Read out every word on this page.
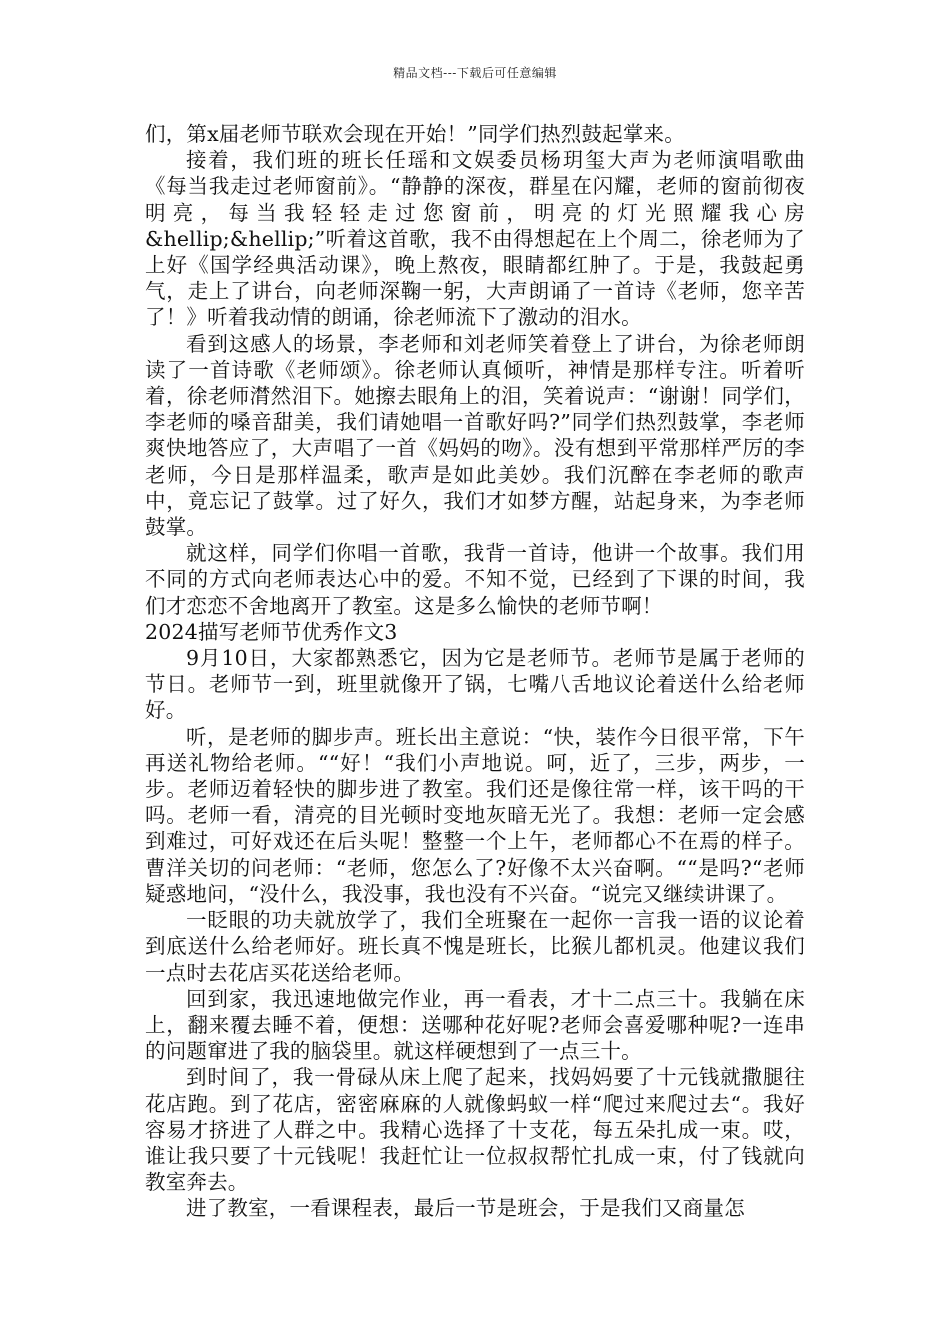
精品文档---下载后可任意编辑

们，第x届老师节联欢会现在开始！”同学们热烈鼓起掌来。

接着，我们班的班长任瑶和文娱委员杨玥玺大声为老师演唱歌曲《每当我走过老师窗前》。“静静的深夜，群星在闪耀，老师的窗前彻夜明亮，每当我轻轻走过您窗前，明亮的灯光照耀我心房&hellip;&hellip;”听着这首歌，我不由得想起在上个周二，徐老师为了上好《国学经典活动课》，晚上熬夜，眼睛都红肿了。于是，我鼓起勇气，走上了讲台，向老师深鞠一躬，大声朗诵了一首诗《老师，您辛苦了！》听着我动情的朗诵，徐老师流下了激动的泪水。

看到这感人的场景，李老师和刘老师笑着登上了讲台，为徐老师朗读了一首诗歌《老师颂》。徐老师认真倾听，神情是那样专注。听着听着，徐老师潸然泪下。她擦去眼角上的泪，笑着说声：“谢谢！同学们，李老师的嗓音甜美，我们请她唱一首歌好吗?”同学们热烈鼓掌，李老师爽快地答应了，大声唱了一首《妈妈的吻》。没有想到平常那样严厉的李老师，今日是那样温柔，歌声是如此美妙。我们沉醉在李老师的歌声中，竟忘记了鼓掌。过了好久，我们才如梦方醒，站起身来，为李老师鼓掌。

就这样，同学们你唱一首歌，我背一首诗，他讲一个故事。我们用不同的方式向老师表达心中的爱。不知不觉，已经到了下课的时间，我们才恋恋不舍地离开了教室。这是多么愉快的老师节啊！

2024描写老师节优秀作文3

9月10日，大家都熟悉它，因为它是老师节。老师节是属于老师的节日。老师节一到，班里就像开了锅，七嘴八舌地议论着送什么给老师好。

听，是老师的脚步声。班长出主意说：“快，装作今日很平常，下午再送礼物给老师。““好！“我们小声地说。呵，近了，三步，两步，一步。老师迈着轻快的脚步进了教室。我们还是像往常一样，该干吗的干吗。老师一看，清亮的目光顿时变地灰暗无光了。我想：老师一定会感到难过，可好戏还在后头呢！整整一个上午，老师都心不在焉的样子。曹洋关切的问老师：“老师，您怎么了?好像不太兴奋啊。““是吗?“老师疑惑地问，“没什么，我没事，我也没有不兴奋。“说完又继续讲课了。

一眨眼的功夫就放学了，我们全班聚在一起你一言我一语的议论着到底送什么给老师好。班长真不愧是班长，比猴儿都机灵。他建议我们一点时去花店买花送给老师。

回到家，我迅速地做完作业，再一看表，才十二点三十。我躺在床上，翻来覆去睡不着，便想：送哪种花好呢?老师会喜爱哪种呢?一连串的问题窜进了我的脑袋里。就这样硬想到了一点三十。

到时间了，我一骨碌从床上爬了起来，找妈妈要了十元钱就撒腿往花店跑。到了花店，密密麻麻的人就像蚂蚁一样“爬过来爬过去“。我好容易才挤进了人群之中。我精心选择了十支花，每五朵扎成一束。哎，谁让我只要了十元钱呢！我赶忙让一位叔叔帮忙扎成一束，付了钱就向教室奔去。

进了教室，一看课程表，最后一节是班会，于是我们又商量怎
